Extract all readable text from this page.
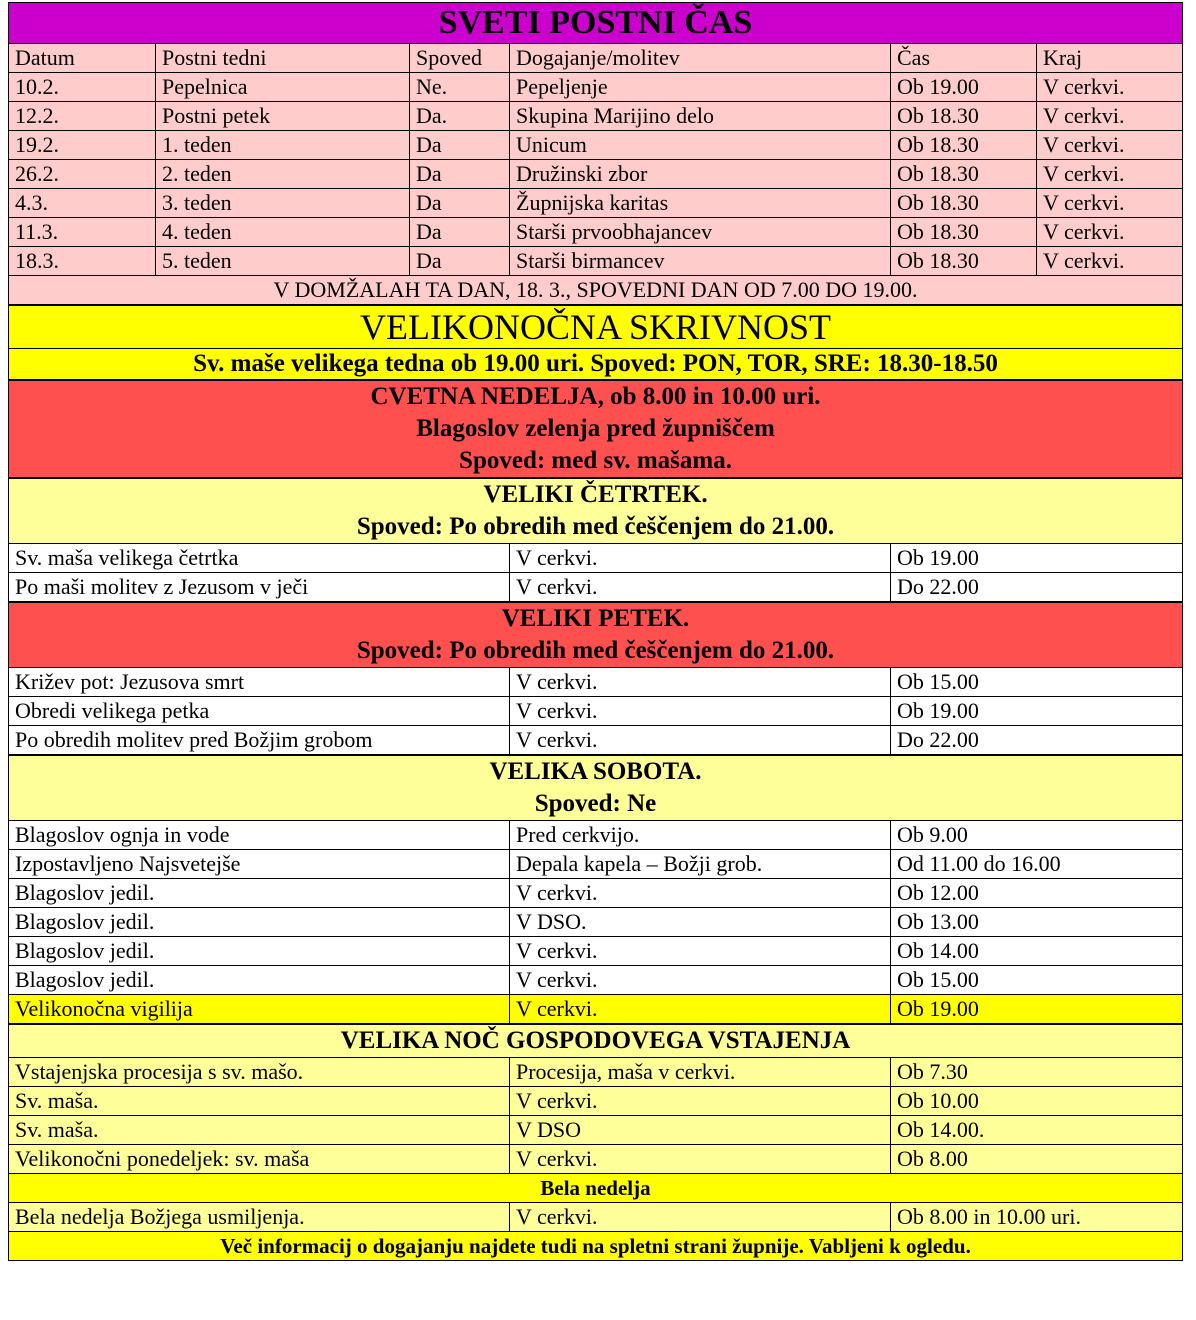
SVETI POSTNI ČAS					
Datum	Postni tedni	Spoved	Dogajanje/molitev	Čas	Kraj
10.2.	Pepelnica	Ne.	Pepeljenje	Ob 19.00	V cerkvi.
12.2.	Postni petek	Da.	Skupina Marijino delo	Ob 18.30	V cerkvi.
19.2.	1. teden	Da	Unicum	Ob 18.30	V cerkvi.
26.2.	2. teden	Da	Družinski zbor	Ob 18.30	V cerkvi.
4.3.	3. teden	Da	Župnijska karitas	Ob 18.30	V cerkvi.
11.3.	4. teden	Da	Starši prvoobhajancev	Ob 18.30	V cerkvi.
18.3.	5. teden	Da	Starši birmancev	Ob 18.30	V cerkvi.
V DOMŽALAH TA DAN, 18. 3., SPOVEDNI DAN OD 7.00 DO 19.00.					
VELIKONOČNA SKRIVNOST					
Sv. maše velikega tedna ob 19.00 uri. Spoved: PON, TOR, SRE: 18.30-18.50					
CVETNA NEDELJA, ob 8.00 in 10.00 uri.					
Blagoslov zelenja pred župniščem					
Spoved: med sv. mašama.					
VELIKI ČETRTEK.					
Spoved: Po obredih med češčenjem do 21.00.					
Sv. maša velikega četrtka			V cerkvi.	Ob 19.00	
Po maši molitev z Jezusom v ječi			V cerkvi.	Do 22.00	
VELIKI PETEK.					
Spoved: Po obredih med češčenjem do 21.00.					
Križev pot: Jezusova smrt			V cerkvi.	Ob 15.00	
Obredi velikega petka			V cerkvi.	Ob 19.00	
Po obredih molitev pred Božjim grobom			V cerkvi.	Do 22.00	
VELIKA SOBOTA.					
Spoved: Ne					
Blagoslov ognja in vode			Pred cerkvijo.	Ob 9.00	
Izpostavljeno Najsvetejše			Depala kapela – Božji grob.	Od 11.00 do 16.00	
Blagoslov jedil.			V cerkvi.	Ob 12.00	
Blagoslov jedil.			V DSO.	Ob 13.00	
Blagoslov jedil.			V cerkvi.	Ob 14.00	
Blagoslov jedil.			V cerkvi.	Ob 15.00	
Velikonočna vigilija			V cerkvi.	Ob 19.00	
VELIKA NOČ GOSPODOVEGA VSTAJENJA					
Vstajenjska procesija s sv. mašo.			Procesija, maša v cerkvi.	Ob 7.30	
Sv. maša.			V cerkvi.	Ob 10.00	
Sv. maša.			V DSO	Ob 14.00.	
Velikonočni ponedeljek: sv. maša			V cerkvi.	Ob 8.00	
Bela nedelja					
Bela nedelja Božjega usmiljenja.			V cerkvi.	Ob 8.00 in 10.00 uri.	
Več informacij o dogajanju najdete tudi na spletni strani župnije. Vabljeni k ogledu.					
